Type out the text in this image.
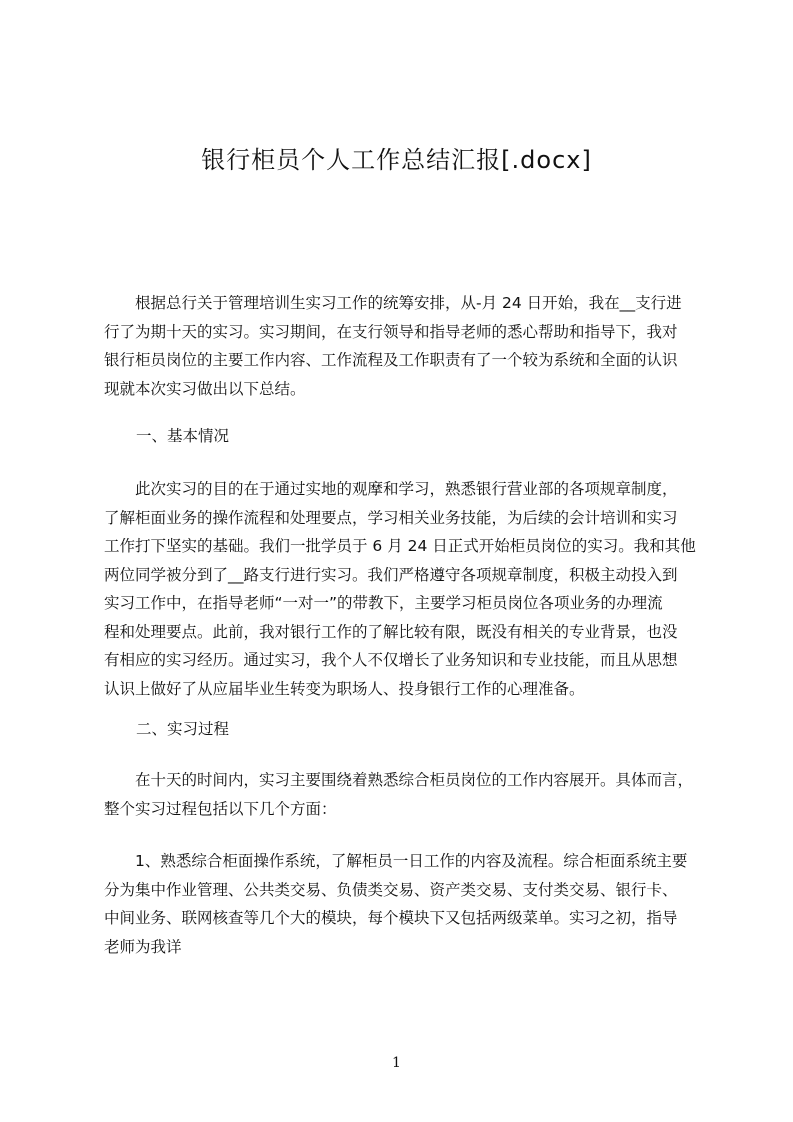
银行柜员个人工作总结汇报[.docx]
　　根据总行关于管理培训生实习工作的统筹安排，从-月 24 日开始，我在__支行进
行了为期十天的实习。实习期间，在支行领导和指导老师的悉心帮助和指导下，我对
银行柜员岗位的主要工作内容、工作流程及工作职责有了一个较为系统和全面的认识
现就本次实习做出以下总结。
一、基本情况
　　此次实习的目的在于通过实地的观摩和学习，熟悉银行营业部的各项规章制度，
了解柜面业务的操作流程和处理要点，学习相关业务技能，为后续的会计培训和实习
工作打下坚实的基础。我们一批学员于 6 月 24 日正式开始柜员岗位的实习。我和其他
两位同学被分到了__路支行进行实习。我们严格遵守各项规章制度，积极主动投入到
实习工作中，在指导老师“一对一”的带教下，主要学习柜员岗位各项业务的办理流
程和处理要点。此前，我对银行工作的了解比较有限，既没有相关的专业背景，也没
有相应的实习经历。通过实习，我个人不仅增长了业务知识和专业技能，而且从思想
认识上做好了从应届毕业生转变为职场人、投身银行工作的心理准备。
二、实习过程
　　在十天的时间内，实习主要围绕着熟悉综合柜员岗位的工作内容展开。具体而言，
整个实习过程包括以下几个方面：
　　1、熟悉综合柜面操作系统，了解柜员一日工作的内容及流程。综合柜面系统主要
分为集中作业管理、公共类交易、负债类交易、资产类交易、支付类交易、银行卡、
中间业务、联网核查等几个大的模块，每个模块下又包括两级菜单。实习之初，指导
老师为我详
1
